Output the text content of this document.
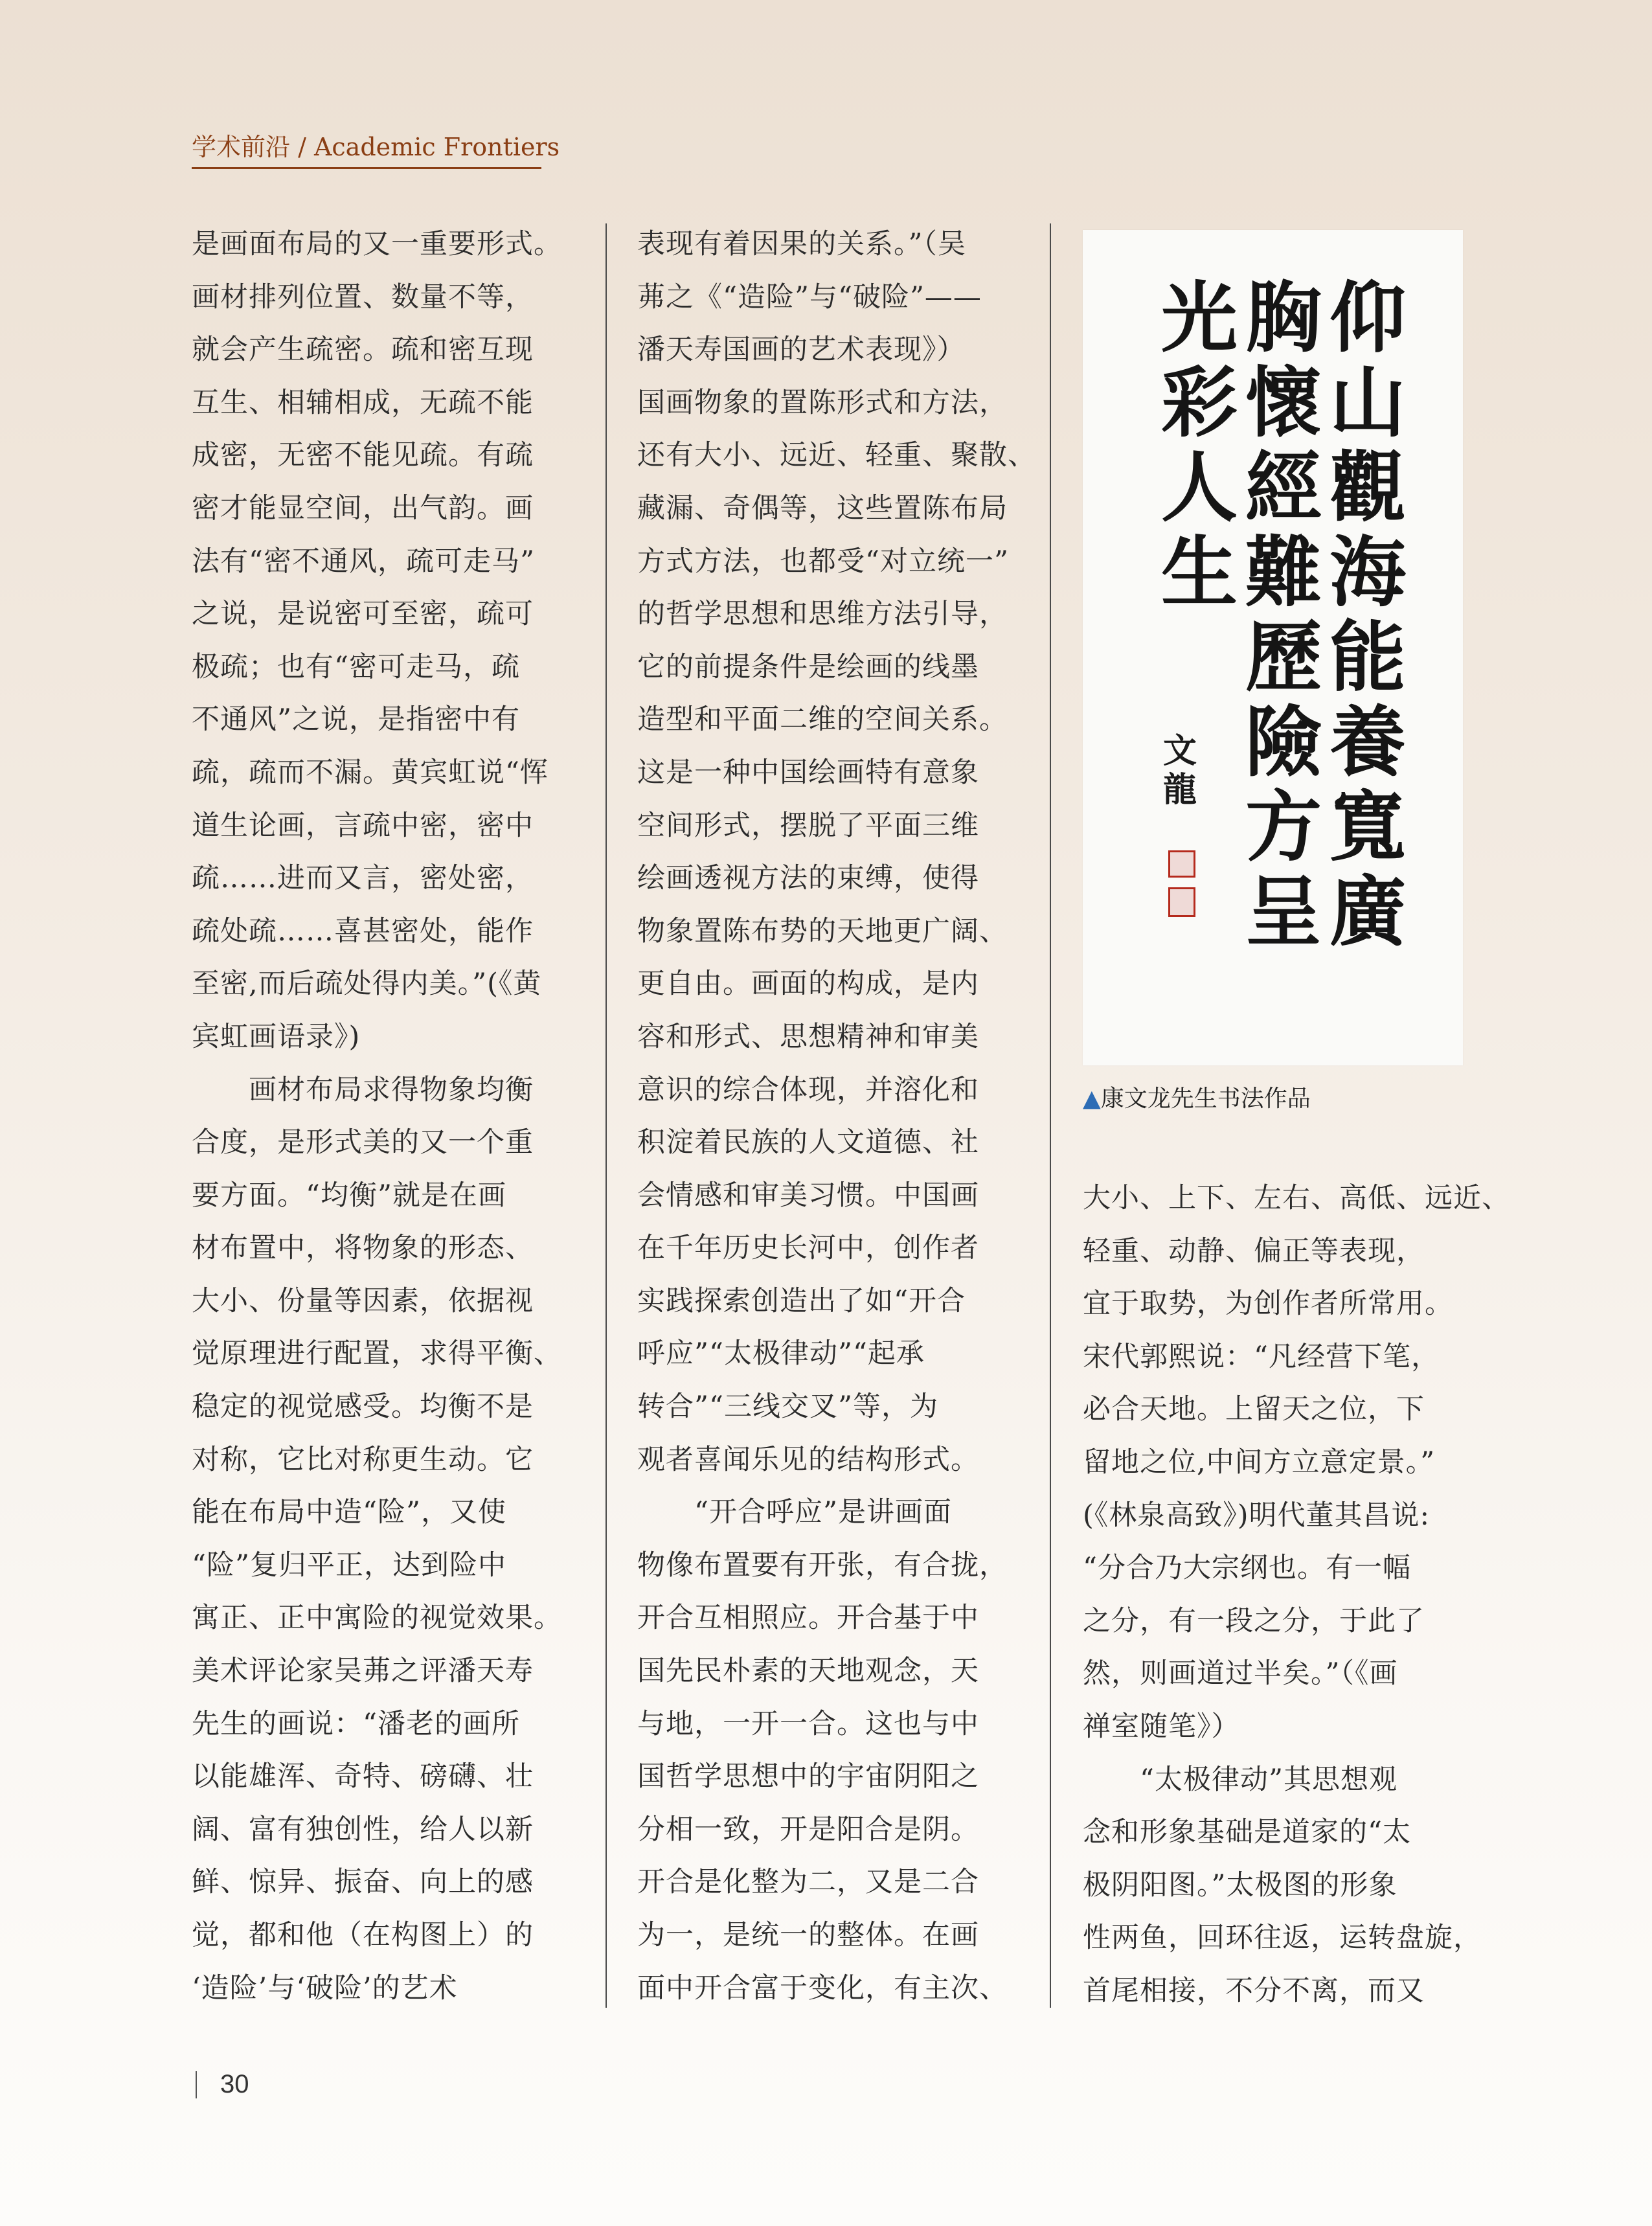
学术前沿 / Academic Frontiers
是画面布局的又一重要形式。
画材排列位置、数量不等，
就会产生疏密。疏和密互现
互生、相辅相成，无疏不能
成密，无密不能见疏。有疏
密才能显空间，出气韵。画
法有“密不通风，疏可走马”
之说，是说密可至密，疏可
极疏；也有“密可走马，疏
不通风”之说，是指密中有
疏，疏而不漏。黄宾虹说“恽
道生论画，言疏中密，密中
疏……进而又言，密处密，
疏处疏……喜甚密处，能作
至密,而后疏处得内美。”(《黄
宾虹画语录》)
　　画材布局求得物象均衡
合度，是形式美的又一个重
要方面。“均衡”就是在画
材布置中，将物象的形态、
大小、份量等因素，依据视
觉原理进行配置，求得平衡、
稳定的视觉感受。均衡不是
对称，它比对称更生动。它
能在布局中造“险”，又使
“险”复归平正，达到险中
寓正、正中寓险的视觉效果。
美术评论家吴茀之评潘天寿
先生的画说：“潘老的画所
以能雄浑、奇特、磅礴、壮
阔、富有独创性，给人以新
鲜、惊异、振奋、向上的感
觉，都和他（在构图上）的
‘造险’与‘破险’的艺术
表现有着因果的关系。”（吴
茀之《“造险”与“破险”——
潘天寿国画的艺术表现》）
国画物象的置陈形式和方法，
还有大小、远近、轻重、聚散、
藏漏、奇偶等，这些置陈布局
方式方法，也都受“对立统一”
的哲学思想和思维方法引导，
它的前提条件是绘画的线墨
造型和平面二维的空间关系。
这是一种中国绘画特有意象
空间形式，摆脱了平面三维
绘画透视方法的束缚，使得
物象置陈布势的天地更广阔、
更自由。画面的构成，是内
容和形式、思想精神和审美
意识的综合体现，并溶化和
积淀着民族的人文道德、社
会情感和审美习惯。中国画
在千年历史长河中，创作者
实践探索创造出了如“开合
呼应”“太极律动”“起承
转合”“三线交叉”等，为
观者喜闻乐见的结构形式。
　　“开合呼应”是讲画面
物像布置要有开张，有合拢，
开合互相照应。开合基于中
国先民朴素的天地观念，天
与地，一开一合。这也与中
国哲学思想中的宇宙阴阳之
分相一致，开是阳合是阴。
开合是化整为二，又是二合
为一，是统一的整体。在画
面中开合富于变化，有主次、
仰
山
觀
海
能
養
寬
廣
胸
懷
經
難
歷
險
方
呈
光
彩
人
生
文
龍
▲康文龙先生书法作品
大小、上下、左右、高低、远近、
轻重、动静、偏正等表现，
宜于取势，为创作者所常用。
宋代郭熙说：“凡经营下笔，
必合天地。上留天之位，下
留地之位,中间方立意定景。”
(《林泉高致》)明代董其昌说:
“分合乃大宗纲也。有一幅
之分，有一段之分，于此了
然，则画道过半矣。”（《画
禅室随笔》）
　　“太极律动”其思想观
念和形象基础是道家的“太
极阴阳图。”太极图的形象
性两鱼，回环往返，运转盘旋，
首尾相接，不分不离，而又
30
